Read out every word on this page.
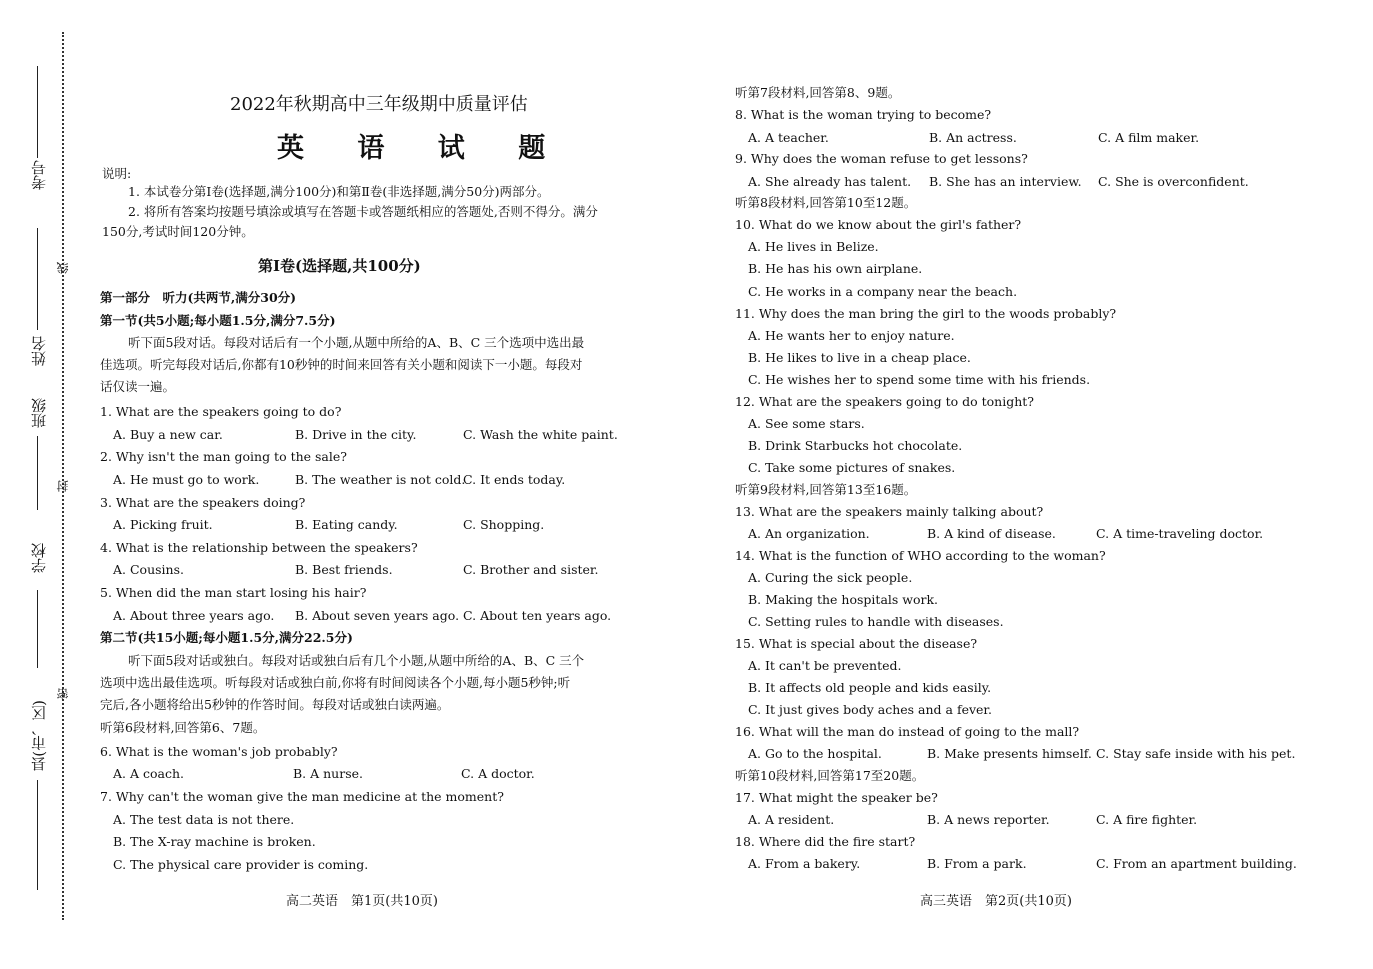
考号
姓名
班级
学校
县(市、区)
线
封
密
2022年秋期高中三年级期中质量评估
英 语 试 题
说明:
1. 本试卷分第Ⅰ卷(选择题,满分100分)和第Ⅱ卷(非选择题,满分50分)两部分。
2. 将所有答案均按题号填涂或填写在答题卡或答题纸相应的答题处,否则不得分。满分
150分,考试时间120分钟。
第Ⅰ卷(选择题,共100分)
第一部分　听力(共两节,满分30分)
第一节(共5小题;每小题1.5分,满分7.5分)
听下面5段对话。每段对话后有一个小题,从题中所给的A、B、C 三个选项中选出最
佳选项。听完每段对话后,你都有10秒钟的时间来回答有关小题和阅读下一小题。每段对
话仅读一遍。
1. What are the speakers going to do?
A. Buy a new car.	B. Drive in the city.	C. Wash the white paint.
2. Why isn't the man going to the sale?
A. He must go to work.	B. The weather is not cold.
C. It ends today.
3. What are the speakers doing?
A. Picking fruit.	B. Eating candy.	C. Shopping.
4. What is the relationship between the speakers?
A. Cousins.	B. Best friends.	C. Brother and sister.
5. When did the man start losing his hair?
A. About three years ago. B. About seven years ago. C. About ten years ago.
第二节(共15小题;每小题1.5分,满分22.5分)
听下面5段对话或独白。每段对话或独白后有几个小题,从题中所给的A、B、C 三个
选项中选出最佳选项。听每段对话或独白前,你将有时间阅读各个小题,每小题5秒钟;听
完后,各小题将给出5秒钟的作答时间。每段对话或独白读两遍。
听第6段材料,回答第6、7题。
6. What is the woman's job probably?
A. A coach.	B. A nurse.	C. A doctor.
7. Why can't the woman give the man medicine at the moment?
A. The test data is not there.
B. The X-ray machine is broken.
C. The physical care provider is coming.
高二英语　第1页(共10页)
听第7段材料,回答第8、9题。
8. What is the woman trying to become?
A. A teacher.	B. An actress.	C. A film maker.
9. Why does the woman refuse to get lessons?
A. She already has talent. B. She has an interview. C. She is overconfident.
听第8段材料,回答第10至12题。
10. What do we know about the girl's father?
A. He lives in Belize.
B. He has his own airplane.
C. He works in a company near the beach.
11. Why does the man bring the girl to the woods probably?
A. He wants her to enjoy nature.
B. He likes to live in a cheap place.
C. He wishes her to spend some time with his friends.
12. What are the speakers going to do tonight?
A. See some stars.
B. Drink Starbucks hot chocolate.
C. Take some pictures of snakes.
听第9段材料,回答第13至16题。
13. What are the speakers mainly talking about?
A. An organization.	B. A kind of disease.	C. A time-traveling doctor.
14. What is the function of WHO according to the woman?
A. Curing the sick people.
B. Making the hospitals work.
C. Setting rules to handle with diseases.
15. What is special about the disease?
A. It can't be prevented.
B. It affects old people and kids easily.
C. It just gives body aches and a fever.
16. What will the man do instead of going to the mall?
A. Go to the hospital.	B. Make presents himself. C. Stay safe inside with his pet.
听第10段材料,回答第17至20题。
17. What might the speaker be?
A. A resident.	B. A news reporter.	C. A fire fighter.
18. Where did the fire start?
A. From a bakery.	B. From a park.	C. From an apartment building.
高三英语　第2页(共10页)
